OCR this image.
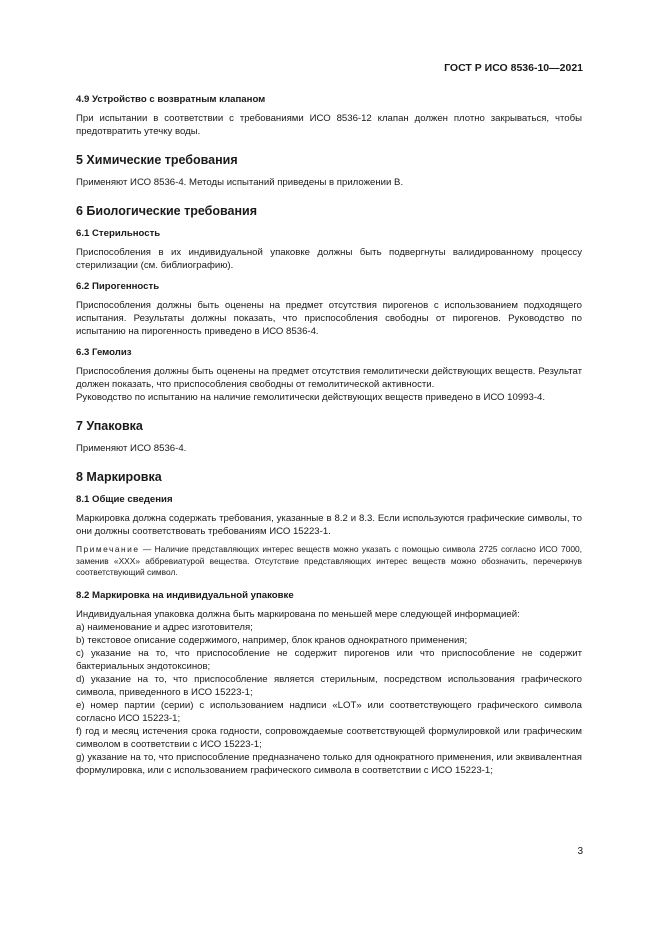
ГОСТ Р ИСО 8536-10—2021
4.9 Устройство с возвратным клапаном

При испытании в соответствии с требованиями ИСО 8536-12 клапан должен плотно закрываться, чтобы предотвратить утечку воды.

5 Химические требования

Применяют ИСО 8536-4. Методы испытаний приведены в приложении B.

6 Биологические требования
6.1 Стерильность

Приспособления в их индивидуальной упаковке должны быть подвергнуты валидированному процессу стерилизации (см. библиографию).

6.2 Пирогенность

Приспособления должны быть оценены на предмет отсутствия пирогенов с использованием подходящего испытания. Результаты должны показать, что приспособления свободны от пирогенов. Руководство по испытанию на пирогенность приведено в ИСО 8536-4.

6.3 Гемолиз

Приспособления должны быть оценены на предмет отсутствия гемолитически действующих веществ. Результат должен показать, что приспособления свободны от гемолитической активности.

Руководство по испытанию на наличие гемолитически действующих веществ приведено в ИСО 10993-4.

7 Упаковка

Применяют ИСО 8536-4.

8 Маркировка
8.1 Общие сведения

Маркировка должна содержать требования, указанные в 8.2 и 8.3. Если используются графические символы, то они должны соответствовать требованиям ИСО 15223-1.

Примечание — Наличие представляющих интерес веществ можно указать с помощью символа 2725 согласно ИСО 7000, заменив «XXX» аббревиатурой вещества. Отсутствие представляющих интерес веществ можно обозначить, перечеркнув соответствующий символ.

8.2 Маркировка на индивидуальной упаковке

Индивидуальная упаковка должна быть маркирована по меньшей мере следующей информацией:

a) наименование и адрес изготовителя;

b) текстовое описание содержимого, например, блок кранов однократного применения;

c) указание на то, что приспособление не содержит пирогенов или что приспособление не содержит бактериальных эндотоксинов;

d) указание на то, что приспособление является стерильным, посредством использования графического символа, приведенного в ИСО 15223-1;

e) номер партии (серии) с использованием надписи «LOT» или соответствующего графического символа согласно ИСО 15223-1;

f) год и месяц истечения срока годности, сопровождаемые соответствующей формулировкой или графическим символом в соответствии с ИСО 15223-1;

g) указание на то, что приспособление предназначено только для однократного применения, или эквивалентная формулировка, или с использованием графического символа в соответствии с ИСО 15223-1;

3
